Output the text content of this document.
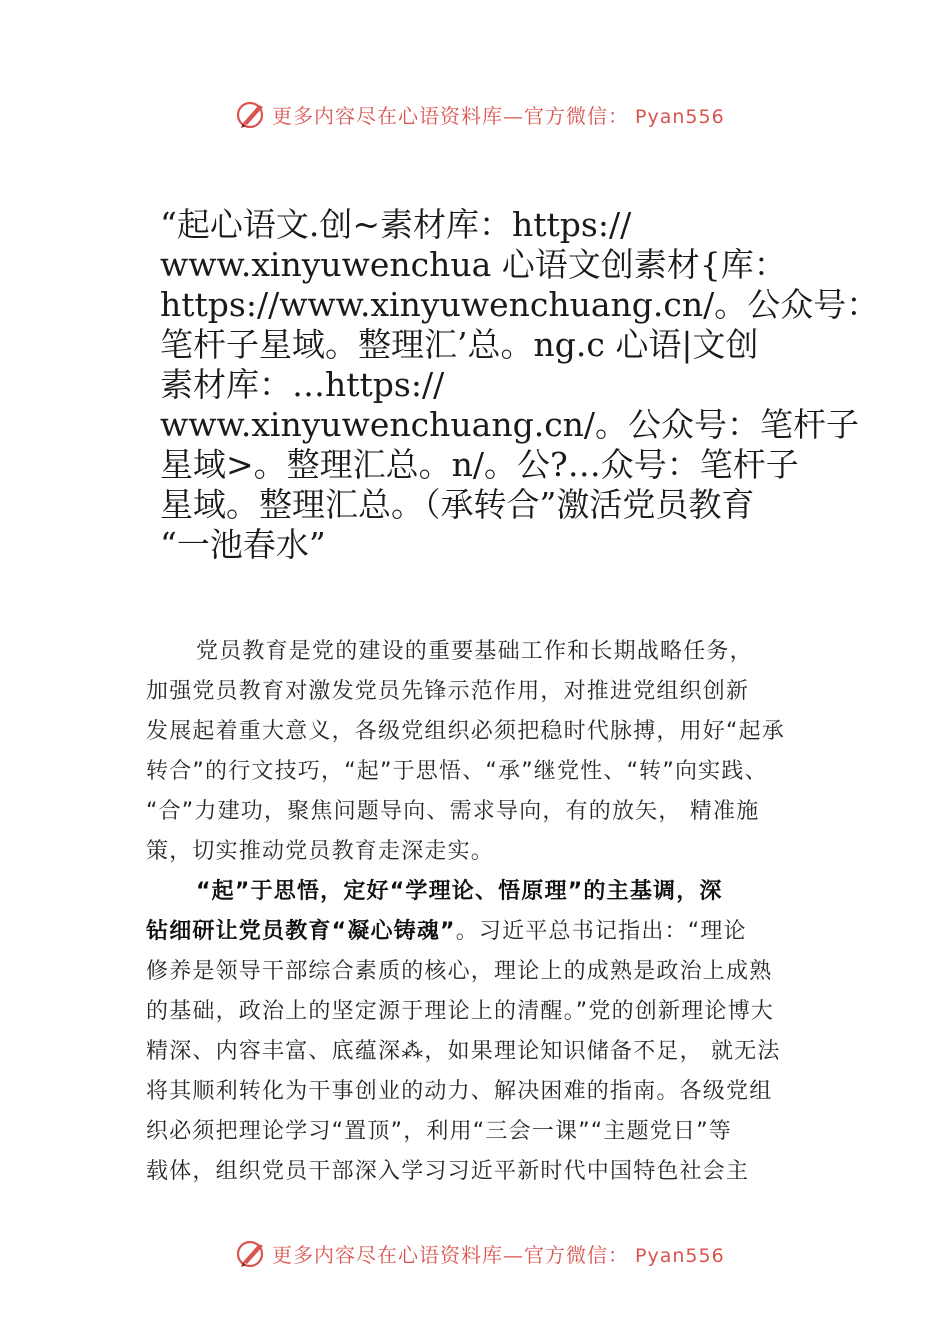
更多内容尽在心语资料库—官方微信： Pyan556
“起心语文.创~素材库：https://
www.xinyuwenchua 心语文创素材{库：
https://www.xinyuwenchuang.cn/。公众号：
笔杆子星域。整理汇’总。ng.c 心语|文创
素材库：…https://
www.xinyuwenchuang.cn/。公众号：笔杆子
星域>。整理汇总。n/。公?…众号：笔杆子
星域。整理汇总。（承转合”激活党员教育
“一池春水”
党员教育是党的建设的重要基础工作和长期战略任务，
加强党员教育对激发党员先锋示范作用，对推进党组织创新
发展起着重大意义，各级党组织必须把稳时代脉搏，用好“起承
转合”的行文技巧，“起”于思悟、“承”继党性、“转”向实践、
“合”力建功，聚焦问题导向、需求导向，有的放矢， 精准施
策，切实推动党员教育走深走实。
“起”于思悟，定好“学理论、悟原理”的主基调，深
钻细研让党员教育“凝心铸魂”。习近平总书记指出：“理论
修养是领导干部综合素质的核心，理论上的成熟是政治上成熟
的基础，政治上的坚定源于理论上的清醒。”党的创新理论博大
精深、内容丰富、底蕴深⁂，如果理论知识储备不足， 就无法
将其顺利转化为干事创业的动力、解决困难的指南。各级党组
织必须把理论学习“置顶”，利用“三会一课”“主题党日”等
载体，组织党员干部深入学习习近平新时代中国特色社会主
更多内容尽在心语资料库—官方微信： Pyan556
